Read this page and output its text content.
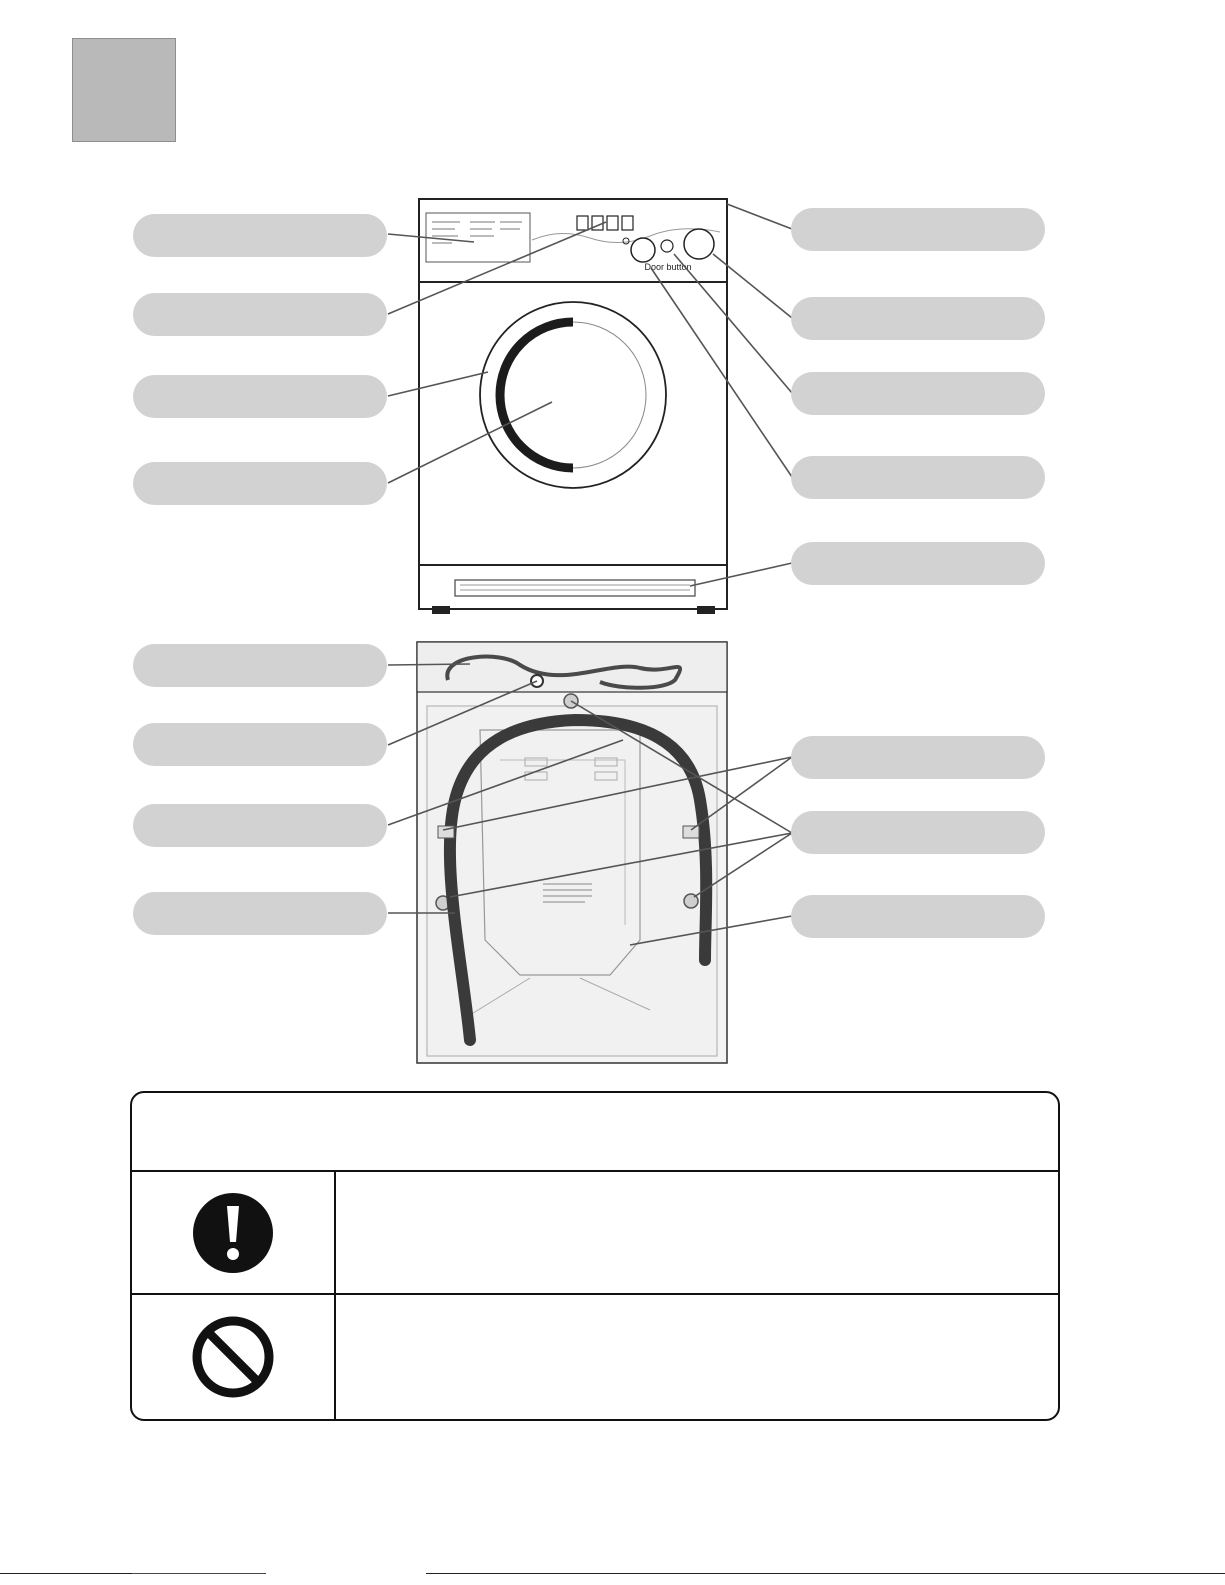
Door button
